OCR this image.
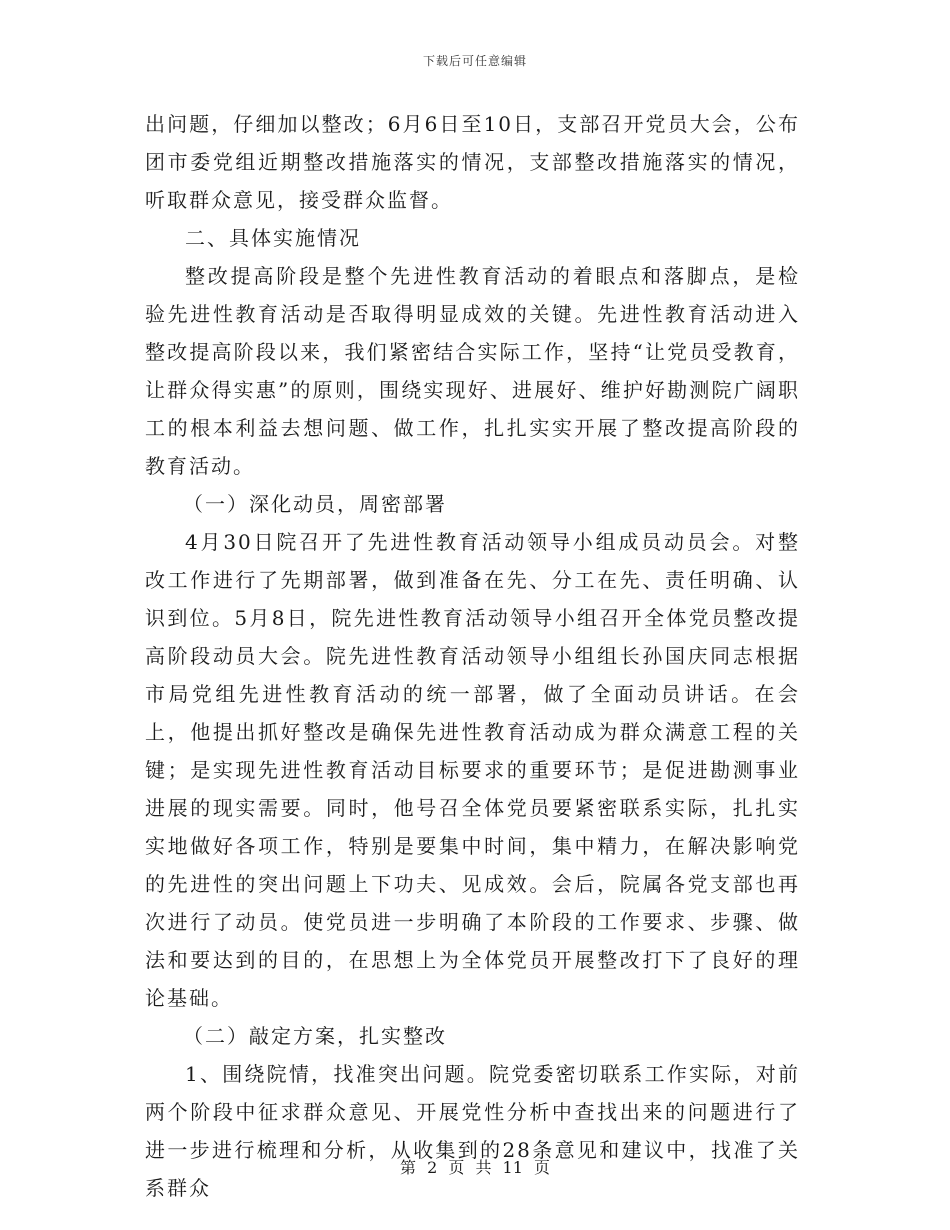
下载后可任意编辑

出问题，仔细加以整改；6月6日至10日，支部召开党员大会，公布团市委党组近期整改措施落实的情况，支部整改措施落实的情况，听取群众意见，接受群众监督。

二、具体实施情况

整改提高阶段是整个先进性教育活动的着眼点和落脚点，是检验先进性教育活动是否取得明显成效的关键。先进性教育活动进入整改提高阶段以来，我们紧密结合实际工作，坚持“让党员受教育，让群众得实惠”的原则，围绕实现好、进展好、维护好勘测院广阔职工的根本利益去想问题、做工作，扎扎实实开展了整改提高阶段的教育活动。

（一）深化动员，周密部署

4月30日院召开了先进性教育活动领导小组成员动员会。对整改工作进行了先期部署，做到准备在先、分工在先、责任明确、认识到位。5月8日，院先进性教育活动领导小组召开全体党员整改提高阶段动员大会。院先进性教育活动领导小组组长孙国庆同志根据市局党组先进性教育活动的统一部署，做了全面动员讲话。在会上，他提出抓好整改是确保先进性教育活动成为群众满意工程的关键；是实现先进性教育活动目标要求的重要环节；是促进勘测事业进展的现实需要。同时，他号召全体党员要紧密联系实际，扎扎实实地做好各项工作，特别是要集中时间，集中精力，在解决影响党的先进性的突出问题上下功夫、见成效。会后，院属各党支部也再次进行了动员。使党员进一步明确了本阶段的工作要求、步骤、做法和要达到的目的，在思想上为全体党员开展整改打下了良好的理论基础。

（二）敲定方案，扎实整改

1、围绕院情，找准突出问题。院党委密切联系工作实际，对前两个阶段中征求群众意见、开展党性分析中查找出来的问题进行了进一步进行梳理和分析，从收集到的28条意见和建议中，找准了关系群众

第 2 页 共 11 页
